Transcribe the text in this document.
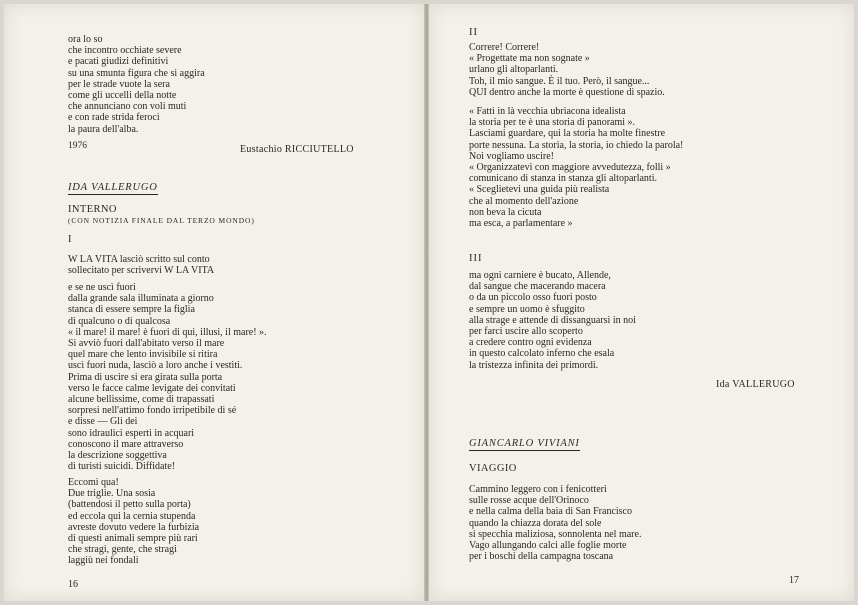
ora lo so
che incontro occhiate severe
e pacati giudizi definitivi
su una smunta figura che si aggira
per le strade vuote la sera
come gli uccelli della notte
che annunciano con voli muti
e con rade strida feroci
la paura dell'alba.
1976	Eustachio RICCIUTELLO
IDA VALLERUGO
INTERNO
(CON NOTIZIA FINALE DAL TERZO MONDO)
I
W LA VITA lasciò scritto sul conto
sollecitato per scrivervi W LA VITA
e se ne uscì fuori
dalla grande sala illuminata a giorno
stanca di essere sempre la figlia
di qualcuno o di qualcosa
« il mare! il mare! è fuori di qui, illusi, il mare! ».
Si avviò fuori dall'abitato verso il mare
quel mare che lento invisibile si ritira
uscì fuori nuda, lasciò a loro anche i vestiti.
Prima di uscire si era girata sulla porta
verso le facce calme levigate dei convitati
alcune bellissime, come di trapassati
sorpresi nell'attimo fondo irripetibile di sé
e disse — Gli dei
sono idraulici esperti in acquari
conoscono il mare attraverso
la descrizione soggettiva
di turisti suicidi. Diffidate!
Eccomi qua!
Due triglie. Una sosia
(battendosi il petto sulla porta)
ed eccola qui la cernia stupenda
avreste dovuto vedere la furbizia
di questi animali sempre più rari
che stragi, gente, che stragi
laggiù nei fondali
16
II
Correre! Correre!
« Progettate ma non sognate »
urlano gli altoparlanti.
Toh, il mio sangue. È il tuo. Però, il sangue...
QUI dentro anche la morte è questione di spazio.
« Fatti in là vecchia ubriacona idealista
la storia per te è una storia di panorami ».
Lasciami guardare, qui la storia ha molte finestre
porte nessuna. La storia, la storia, io chiedo la parola!
Noi vogliamo uscire!
« Organizzatevi con maggiore avvedutezza, folli »
comunicano di stanza in stanza gli altoparlanti.
« Sceglietevi una guida più realista
che al momento dell'azione
non beva la cicuta
ma esca, a parlamentare »
III
ma ogni carniere è bucato, Allende,
dal sangue che macerando macera
o da un piccolo osso fuori posto
e sempre un uomo è sfuggito
alla strage e attende di dissanguarsi in noi
per farci uscire allo scoperto
a credere contro ogni evidenza
in questo calcolato inferno che esala
la tristezza infinita dei primordi.
Ida VALLERUGO
GIANCARLO VIVIANI
VIAGGIO
Cammino leggero con i fenicotteri
sulle rosse acque dell'Orinoco
e nella calma della baia di San Francisco
quando la chiazza dorata del sole
si specchia maliziosa, sonnolenta nel mare.
Vago allungando calci alle foglie morte
per i boschi della campagna toscana
17
